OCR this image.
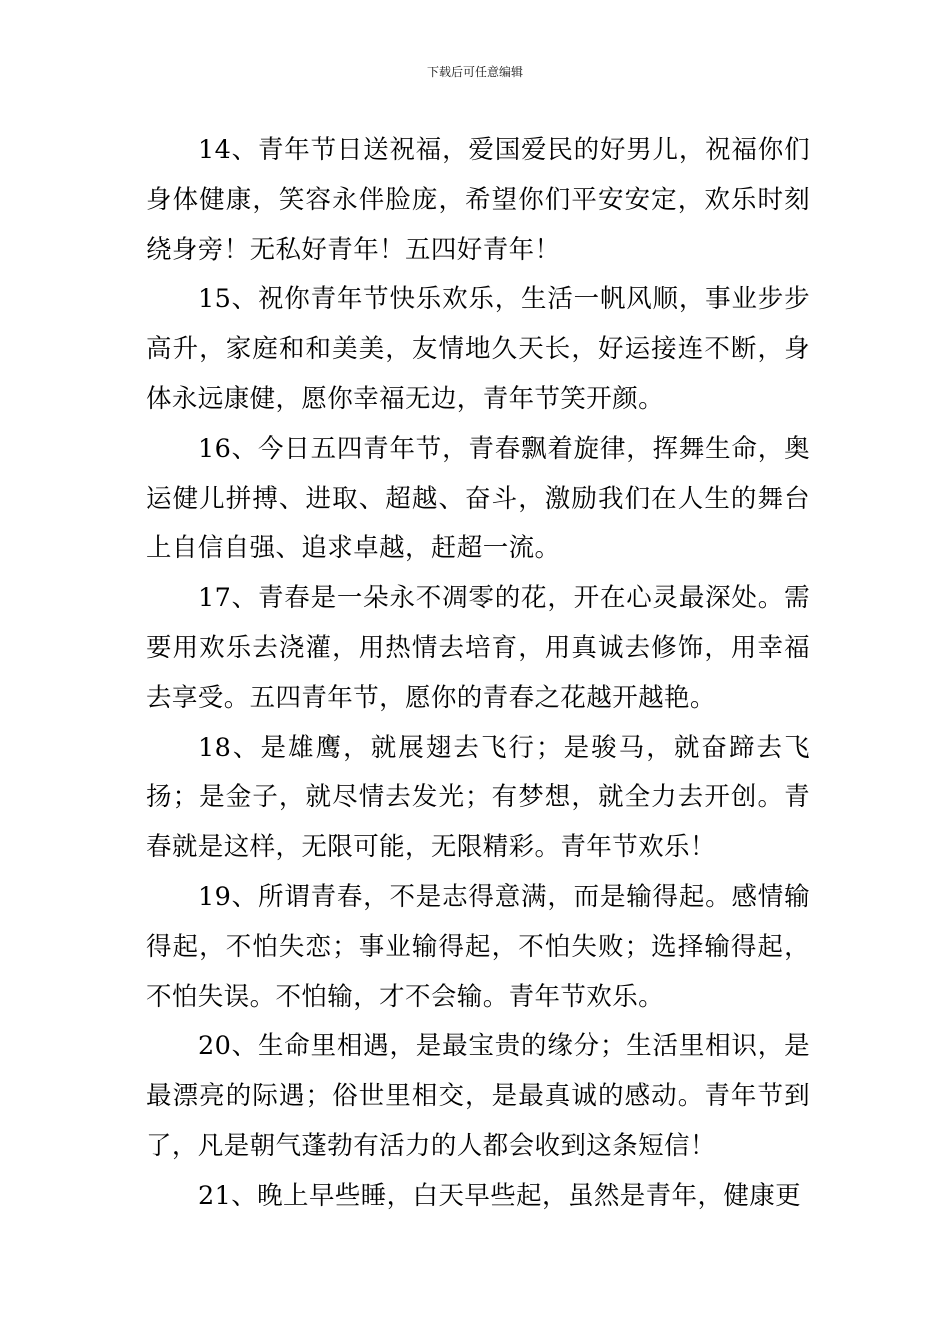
下载后可任意编辑

14、青年节日送祝福，爱国爱民的好男儿，祝福你们身体健康，笑容永伴脸庞，希望你们平安安定，欢乐时刻绕身旁！无私好青年！五四好青年！

15、祝你青年节快乐欢乐，生活一帆风顺，事业步步高升，家庭和和美美，友情地久天长，好运接连不断，身体永远康健，愿你幸福无边，青年节笑开颜。

16、今日五四青年节，青春飘着旋律，挥舞生命，奥运健儿拼搏、进取、超越、奋斗，激励我们在人生的舞台上自信自强、追求卓越，赶超一流。

17、青春是一朵永不凋零的花，开在心灵最深处。需要用欢乐去浇灌，用热情去培育，用真诚去修饰，用幸福去享受。五四青年节，愿你的青春之花越开越艳。

18、是雄鹰，就展翅去飞行；是骏马，就奋蹄去飞扬；是金子，就尽情去发光；有梦想，就全力去开创。青春就是这样，无限可能，无限精彩。青年节欢乐！

19、所谓青春，不是志得意满，而是输得起。感情输得起，不怕失恋；事业输得起，不怕失败；选择输得起，不怕失误。不怕输，才不会输。青年节欢乐。

20、生命里相遇，是最宝贵的缘分；生活里相识，是最漂亮的际遇；俗世里相交，是最真诚的感动。青年节到了，凡是朝气蓬勃有活力的人都会收到这条短信！

21、晚上早些睡，白天早些起，虽然是青年，健康更
